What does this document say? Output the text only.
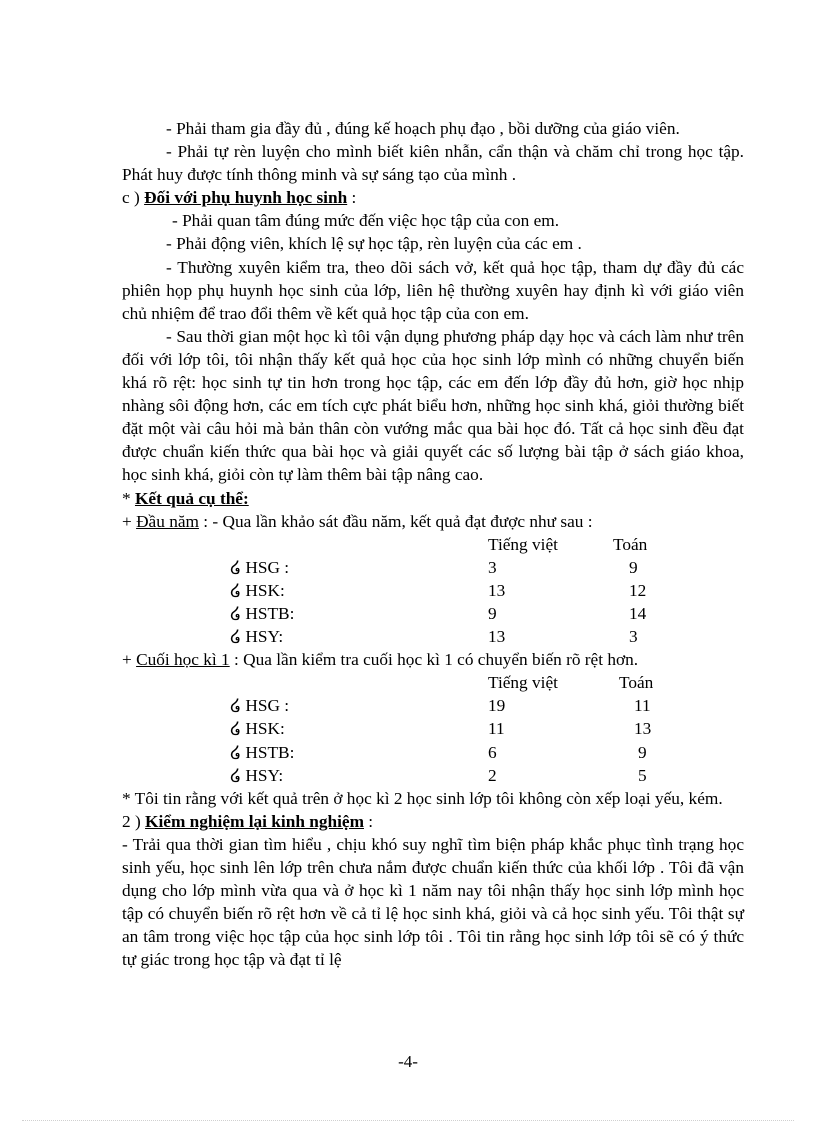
- Phải tham gia đầy đủ , đúng kế hoạch phụ đạo , bồi dưỡng của giáo viên.

- Phải tự rèn luyện cho mình biết kiên nhẫn, cẩn thận và chăm chỉ trong học tập. Phát huy được tính thông minh và sự sáng tạo của mình .

c ) Đối với phụ huynh học sinh :

- Phải quan tâm đúng mức đến việc học tập của con em.

- Phải động viên, khích lệ sự học tập, rèn luyện của các em .

- Thường xuyên kiểm tra, theo dõi sách vở, kết quả học tập, tham dự đầy đủ các phiên họp phụ huynh học sinh của lớp, liên hệ thường xuyên hay định kì với giáo viên chủ nhiệm để trao đổi thêm về kết quả học tập của con em.

- Sau thời gian một học kì tôi vận dụng phương pháp dạy học và cách làm như trên đối với lớp tôi, tôi nhận thấy kết quả học của học sinh lớp mình có những chuyển biến khá rõ rệt: học sinh tự tin hơn trong học tập, các em đến lớp đầy đủ hơn, giờ học nhịp nhàng sôi động hơn, các em tích cực phát biểu hơn, những học sinh khá, giỏi thường biết đặt một vài câu hỏi mà bản thân còn vướng mắc qua bài học đó. Tất cả học sinh đều đạt được chuẩn kiến thức qua bài học và giải quyết các số lượng bài tập ở sách giáo khoa, học sinh khá, giỏi còn tự làm thêm bài tập nâng cao.

* Kết quả cụ thể:

+ Đầu năm : - Qua lần khảo sát đầu năm, kết quả đạt được như sau :

	Tiếng việt	Toán
໒ HSG :	3	9
໒ HSK:	13	12
໒ HSTB:	9	14
໒ HSY:	13	3

+ Cuối học kì 1 : Qua lần kiểm tra cuối học kì 1 có chuyển biến rõ rệt hơn.

	Tiếng việt	Toán
໒ HSG :	19	11
໒ HSK:	11	13
໒ HSTB:	6	9
໒ HSY:	2	5

* Tôi tin rằng với kết quả trên ở học kì 2 học sinh lớp tôi không còn xếp loại yếu, kém.

2 ) Kiểm nghiệm lại kinh nghiệm :

- Trải qua thời gian tìm hiểu , chịu khó suy nghĩ tìm biện pháp khắc phục tình trạng học sinh yếu, học sinh lên lớp trên chưa nắm được chuẩn kiến thức của khối lớp . Tôi đã vận dụng cho lớp mình vừa qua và ở học kì 1 năm nay tôi nhận thấy học sinh lớp mình học tập có chuyển biến rõ rệt hơn về cả tỉ lệ học sinh khá, giỏi và cả học sinh yếu. Tôi thật sự an tâm trong việc học tập của học sinh lớp tôi . Tôi tin rằng học sinh lớp tôi sẽ có ý thức tự giác trong học tập và đạt tỉ lệ

-4-
